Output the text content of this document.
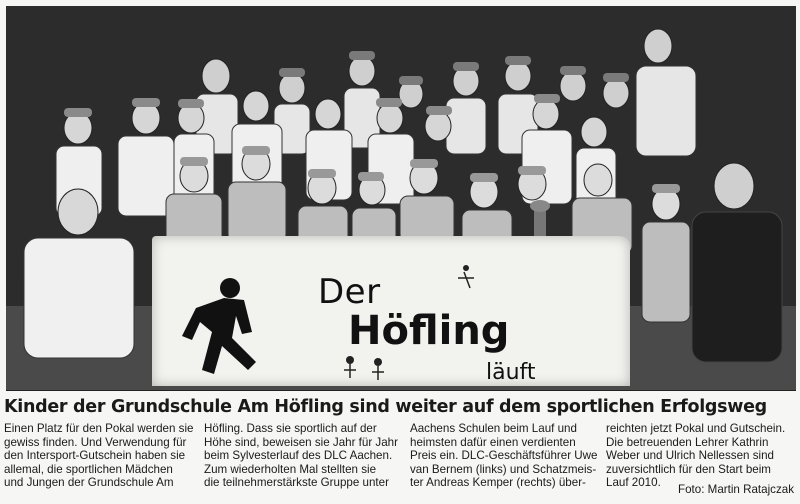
Der
Höfling
läuft
Kinder der Grundschule Am Höfling sind weiter auf dem sportlichen Erfolgsweg
Einen Platz für den Pokal werden sie
gewiss finden. Und Verwendung für
den Intersport-Gutschein haben sie
allemal, die sportlichen Mädchen
und Jungen der Grundschule Am
Höfling. Dass sie sportlich auf der
Höhe sind, beweisen sie Jahr für Jahr
beim Sylvesterlauf des DLC Aachen.
Zum wiederholten Mal stellten sie
die teilnehmerstärkste Gruppe unter
Aachens Schulen beim Lauf und
heimsten dafür einen verdienten
Preis ein. DLC-Geschäftsführer Uwe
van Bernem (links) und Schatzmeis-
ter Andreas Kemper (rechts) über-
reichten jetzt Pokal und Gutschein.
Die betreuenden Lehrer Kathrin
Weber und Ulrich Nellessen sind
zuversichtlich für den Start beim
Lauf 2010.
Foto: Martin Ratajczak
